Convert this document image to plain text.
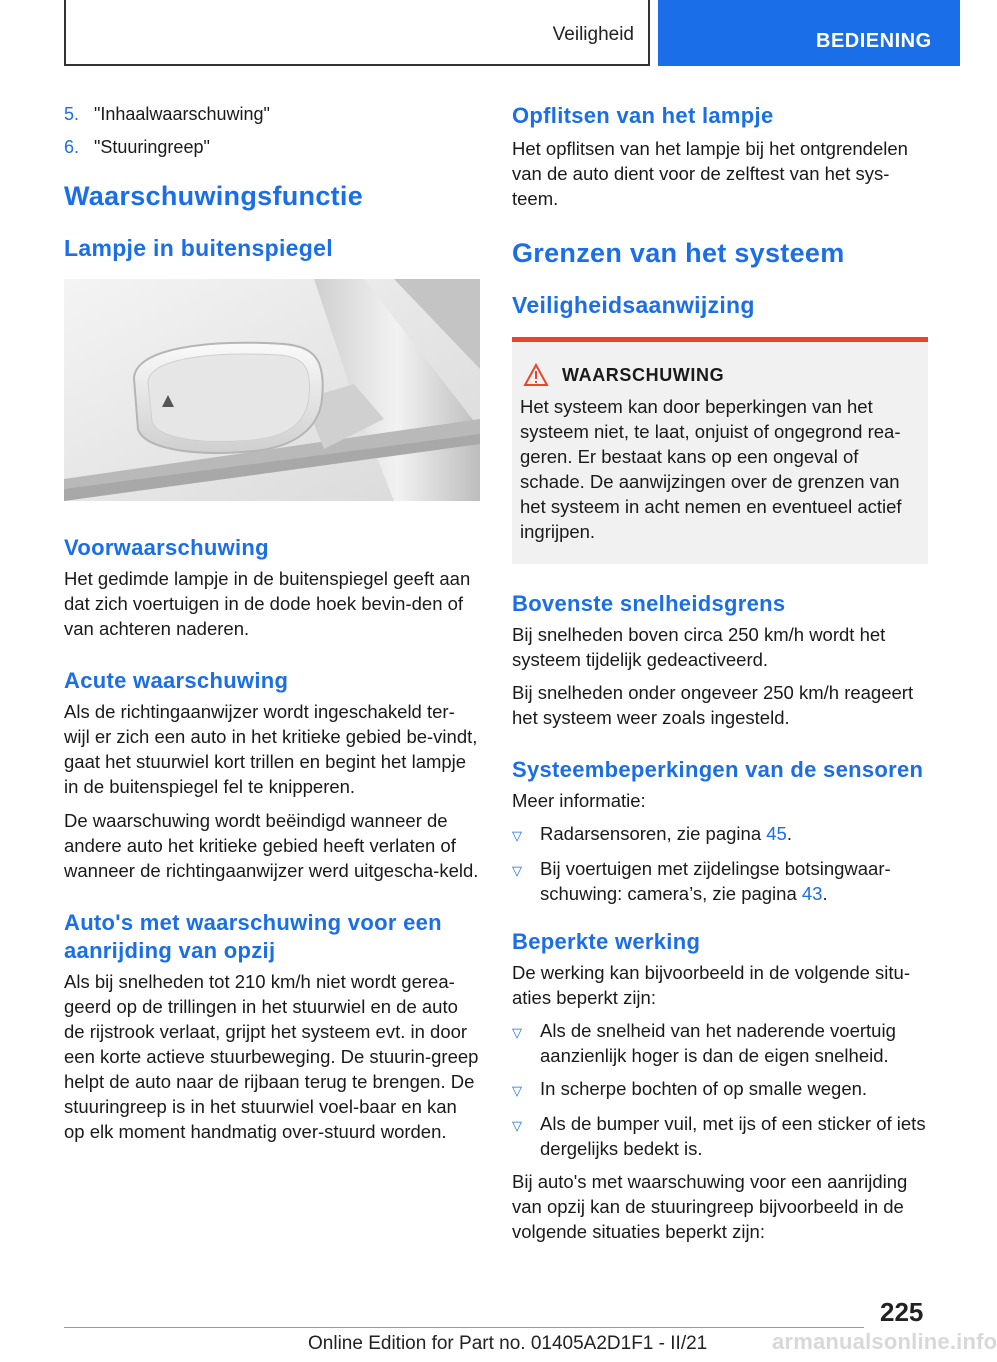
Veiligheid	BEDIENING
5. "Inhaalwaarschuwing"
6. "Stuuringreep"
Waarschuwingsfunctie
Lampje in buitenspiegel
Voorwaarschuwing

Het gedimde lampje in de buitenspiegel geeft aan dat zich voertuigen in de dode hoek bevin-den of van achteren naderen.

Acute waarschuwing

Als de richtingaanwijzer wordt ingeschakeld ter-wijl er zich een auto in het kritieke gebied be-vindt, gaat het stuurwiel kort trillen en begint het lampje in de buitenspiegel fel te knipperen.

De waarschuwing wordt beëindigd wanneer de andere auto het kritieke gebied heeft verlaten of wanneer de richtingaanwijzer werd uitgescha-keld.

Auto's met waarschuwing voor een aanrijding van opzij

Als bij snelheden tot 210 km/h niet wordt gerea-geerd op de trillingen in het stuurwiel en de auto de rijstrook verlaat, grijpt het systeem evt. in door een korte actieve stuurbeweging. De stuurin-greep helpt de auto naar de rijbaan terug te brengen. De stuuringreep is in het stuurwiel voel-baar en kan op elk moment handmatig over-stuurd worden.

Opflitsen van het lampje

Het opflitsen van het lampje bij het ontgrendelen van de auto dient voor de zelftest van het sys-teem.

Grenzen van het systeem
Veiligheidsaanwijzing
WAARSCHUWING

Het systeem kan door beperkingen van het systeem niet, te laat, onjuist of ongegrond rea-geren. Er bestaat kans op een ongeval of schade. De aanwijzingen over de grenzen van het systeem in acht nemen en eventueel actief ingrijpen.

Bovenste snelheidsgrens

Bij snelheden boven circa 250 km/h wordt het systeem tijdelijk gedeactiveerd.

Bij snelheden onder ongeveer 250 km/h reageert het systeem weer zoals ingesteld.

Systeembeperkingen van de sensoren

Meer informatie:

▽ Radarsensoren, zie pagina 45.
▽ Bij voertuigen met zijdelingse botsingwaar-schuwing: camera’s, zie pagina 43.
Beperkte werking

De werking kan bijvoorbeeld in de volgende situ-aties beperkt zijn:

▽ Als de snelheid van het naderende voertuig aanzienlijk hoger is dan de eigen snelheid.
▽ In scherpe bochten of op smalle wegen.
▽ Als de bumper vuil, met ijs of een sticker of iets dergelijks bedekt is.

Bij auto's met waarschuwing voor een aanrijding van opzij kan de stuuringreep bijvoorbeeld in de volgende situaties beperkt zijn:

225
Online Edition for Part no. 01405A2D1F1 - II/21	armanualsonline.info
